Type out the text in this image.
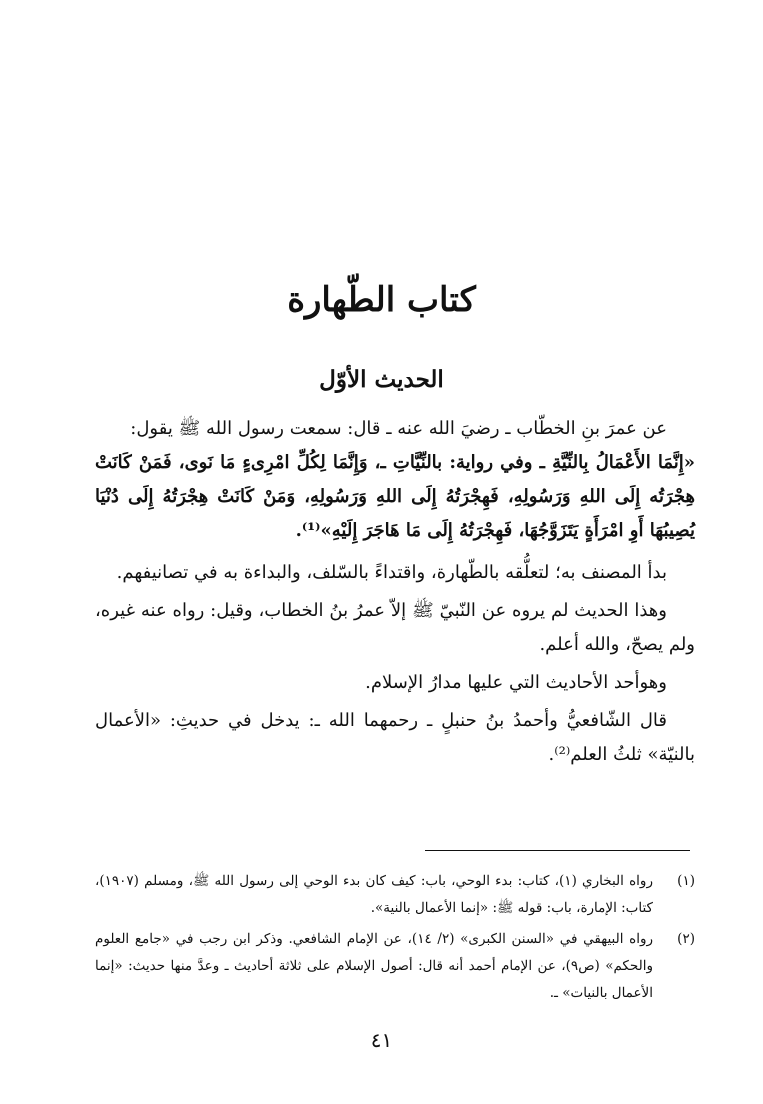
كتاب الطّهارة
الحديث الأوّل

عن عمرَ بنِ الخطّاب ـ رضيَ الله عنه ـ قال: سمعت رسول الله ﷺ يقول:

«إِنَّمَا الأَعْمَالُ بِالنِّيَّةِ ـ وفي رواية: بالنِّيَّاتِ ـ، وَإِنَّمَا لِكُلِّ امْرِىءٍ مَا نَوى، فَمَنْ كَانَتْ هِجْرَتُه إِلَى اللهِ وَرَسُولِهِ، فَهِجْرَتُهُ إِلَى اللهِ وَرَسُولِهِ، وَمَنْ كَانَتْ هِجْرَتُهُ إِلَى دُنْيَا يُصِيبُهَا أَوِ امْرَأَةٍ يَتَزَوَّجُهَا، فَهِجْرَتُهُ إِلَى مَا هَاجَرَ إِلَيْهِ»⁽¹⁾.

بدأ المصنف به؛ لتعلُّقه بالطّهارة، واقتداءً بالسّلف، والبداءة به في تصانيفهم.

وهذا الحديث لم يروه عن النّبيّ ﷺ إلاّ عمرُ بنُ الخطاب، وقيل: رواه عنه غيره، ولم يصحّ، والله أعلم.

وهوأحد الأحاديث التي عليها مدارُ الإسلام.

قال الشّافعيُّ وأحمدُ بنُ حنبلٍ ـ رحمهما الله ـ: يدخل في حديثِ: «الأعمال بالنيّة» ثلثُ العلم⁽²⁾.

(١)
رواه البخاري (١)، كتاب: بدء الوحي، باب: كيف كان بدء الوحي إلى رسول الله ﷺ، ومسلم (١٩٠٧)، كتاب: الإمارة، باب: قوله ﷺ: «إنما الأعمال بالنية».
(٢)
رواه البيهقي في «السنن الكبرى» (٢/ ١٤)، عن الإمام الشافعي. وذكر ابن رجب في «جامع العلوم والحكم» (ص٩)، عن الإمام أحمد أنه قال: أصول الإسلام على ثلاثة أحاديث ـ وعدَّ منها حديث: «إنما الأعمال بالنيات» ـ.
٤١
